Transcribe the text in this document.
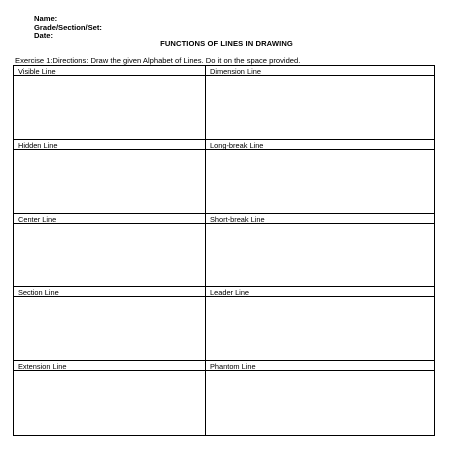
Name:
Grade/Section/Set:
Date:
FUNCTIONS OF LINES IN DRAWING
Exercise 1:Directions: Draw the given Alphabet of Lines. Do it on the space provided.
Visible Line	Dimension Line
Hidden Line	Long-break Line
Center Line	Short-break Line
Section Line	Leader Line
Extension Line	Phantom Line
